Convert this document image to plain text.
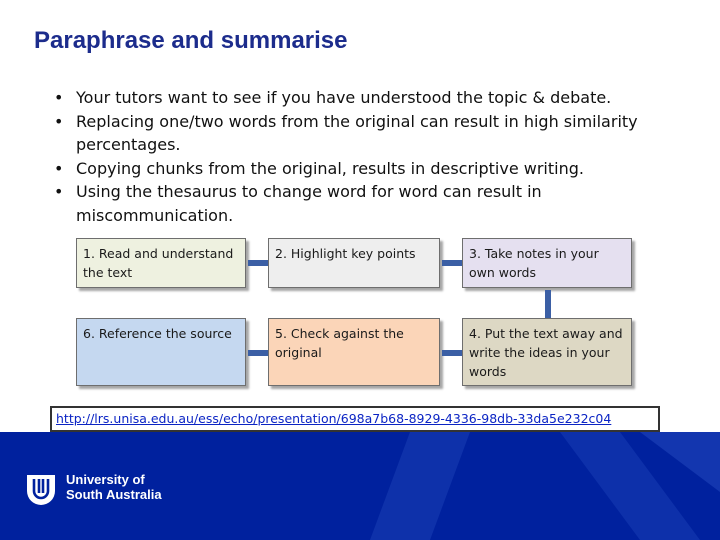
Paraphrase and summarise
• Your tutors want to see if you have understood the topic & debate.
• Replacing one/two words from the original can result in high similarity percentages.
• Copying chunks from the original, results in descriptive writing.
• Using the thesaurus to change word for word can result in miscommunication.
1. Read and understand the text
2. Highlight key points	3. Take notes in your own words
6. Reference the source	5. Check against the original
4. Put the text away and write the ideas in your words
http://lrs.unisa.edu.au/ess/echo/presentation/698a7b68-8929-4336-98db-33da5e232c04
University of
South Australia
